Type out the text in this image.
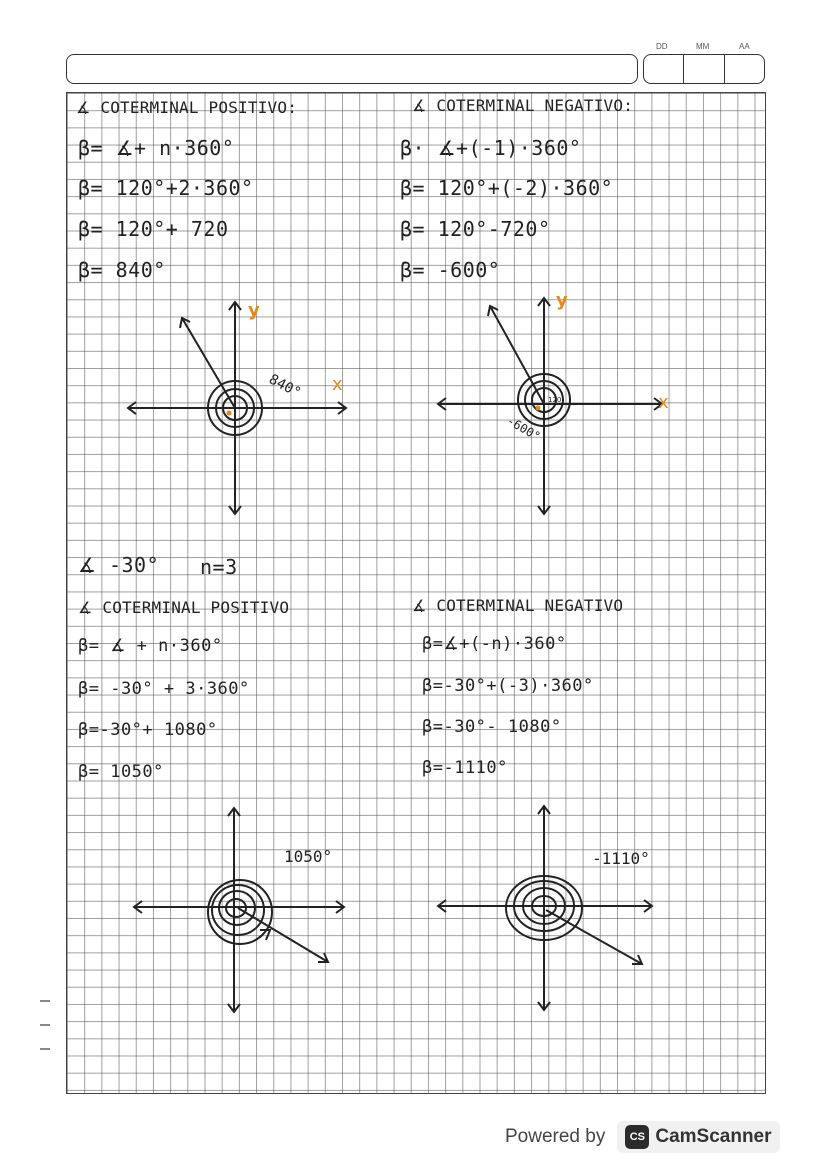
DD	MM	AA
∡ COTERMINAL POSITIVO:
β= ∡+ n·360°
β= 120°+2·360°
β= 120°+ 720
β= 840°
∡ COTERMINAL NEGATIVO:
β· ∡+(-1)·360°
β= 120°+(-2)·360°
β= 120°-720°
β= -600°
840° x
y
-600°
120	x
y
∡ -30° n=3
∡ COTERMINAL POSITIVO
β= ∡ + n·360°
β= -30° + 3·360°
β=-30°+ 1080°
β= 1050°
∡ COTERMINAL NEGATIVO
β=∡+(-n)·360°
β=-30°+(-3)·360°
β=-30°- 1080°
β=-1110°
1050°	-1110°
Powered by	CS CamScanner
